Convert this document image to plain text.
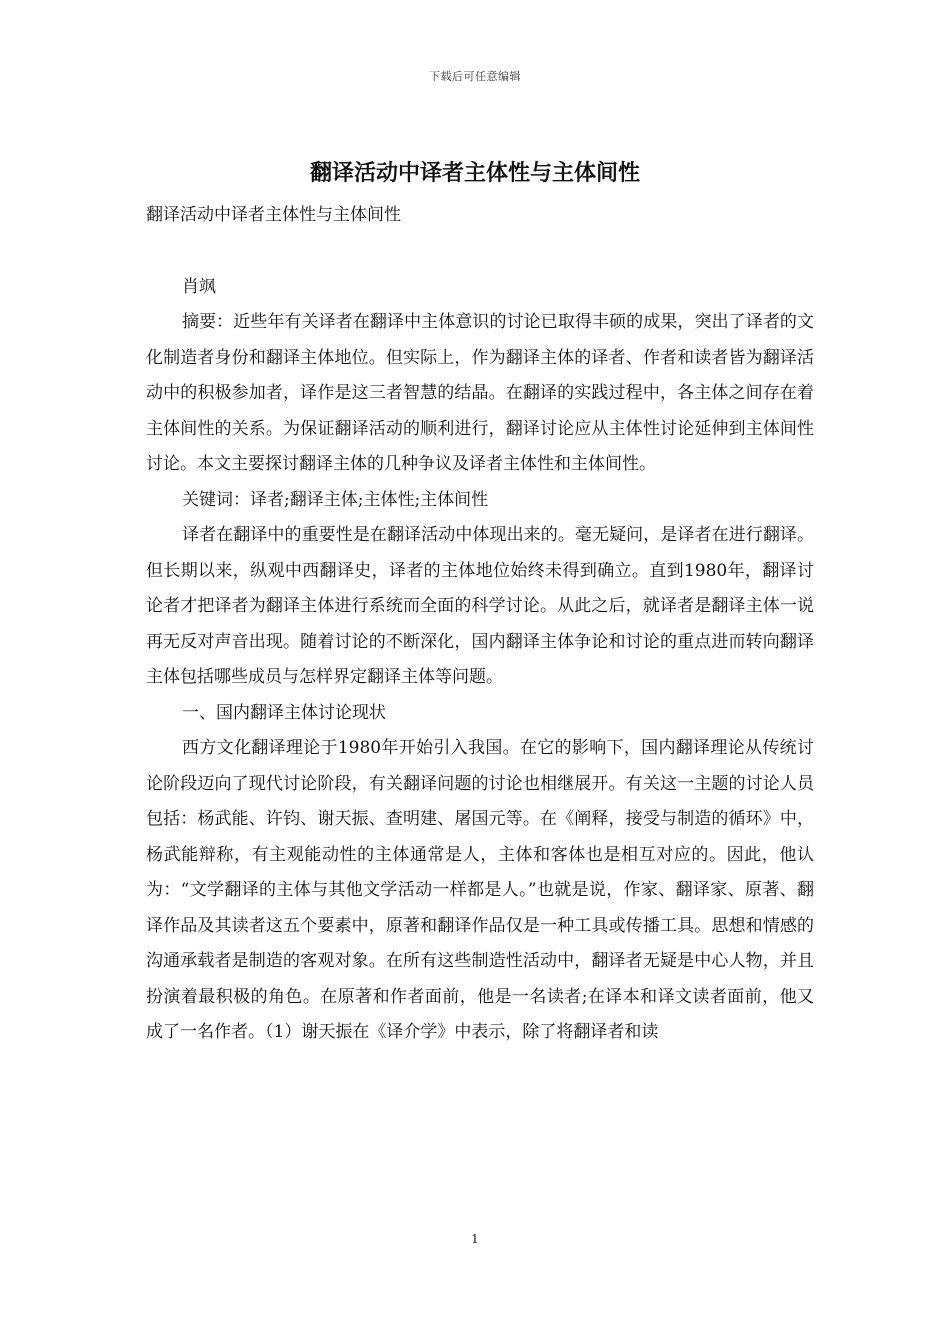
下载后可任意编辑
翻译活动中译者主体性与主体间性

翻译活动中译者主体性与主体间性

肖飒

摘要：近些年有关译者在翻译中主体意识的讨论已取得丰硕的成果，突出了译者的文化制造者身份和翻译主体地位。但实际上，作为翻译主体的译者、作者和读者皆为翻译活动中的积极参加者，译作是这三者智慧的结晶。在翻译的实践过程中，各主体之间存在着主体间性的关系。为保证翻译活动的顺利进行，翻译讨论应从主体性讨论延伸到主体间性讨论。本文主要探讨翻译主体的几种争议及译者主体性和主体间性。

关键词：译者;翻译主体;主体性;主体间性

译者在翻译中的重要性是在翻译活动中体现出来的。毫无疑问，是译者在进行翻译。但长期以来，纵观中西翻译史，译者的主体地位始终未得到确立。直到1980年，翻译讨论者才把译者为翻译主体进行系统而全面的科学讨论。从此之后，就译者是翻译主体一说再无反对声音出现。随着讨论的不断深化，国内翻译主体争论和讨论的重点进而转向翻译主体包括哪些成员与怎样界定翻译主体等问题。

一、国内翻译主体讨论现状

西方文化翻译理论于1980年开始引入我国。在它的影响下，国内翻译理论从传统讨论阶段迈向了现代讨论阶段，有关翻译问题的讨论也相继展开。有关这一主题的讨论人员包括：杨武能、许钧、谢天振、查明建、屠国元等。在《阐释，接受与制造的循环》中，杨武能辩称，有主观能动性的主体通常是人，主体和客体也是相互对应的。因此，他认为：“文学翻译的主体与其他文学活动一样都是人。”也就是说，作家、翻译家、原著、翻译作品及其读者这五个要素中，原著和翻译作品仅是一种工具或传播工具。思想和情感的沟通承载者是制造的客观对象。在所有这些制造性活动中，翻译者无疑是中心人物，并且扮演着最积极的角色。在原著和作者面前，他是一名读者;在译本和译文读者面前，他又成了一名作者。（1）谢天振在《译介学》中表示，除了将翻译者和读

1
